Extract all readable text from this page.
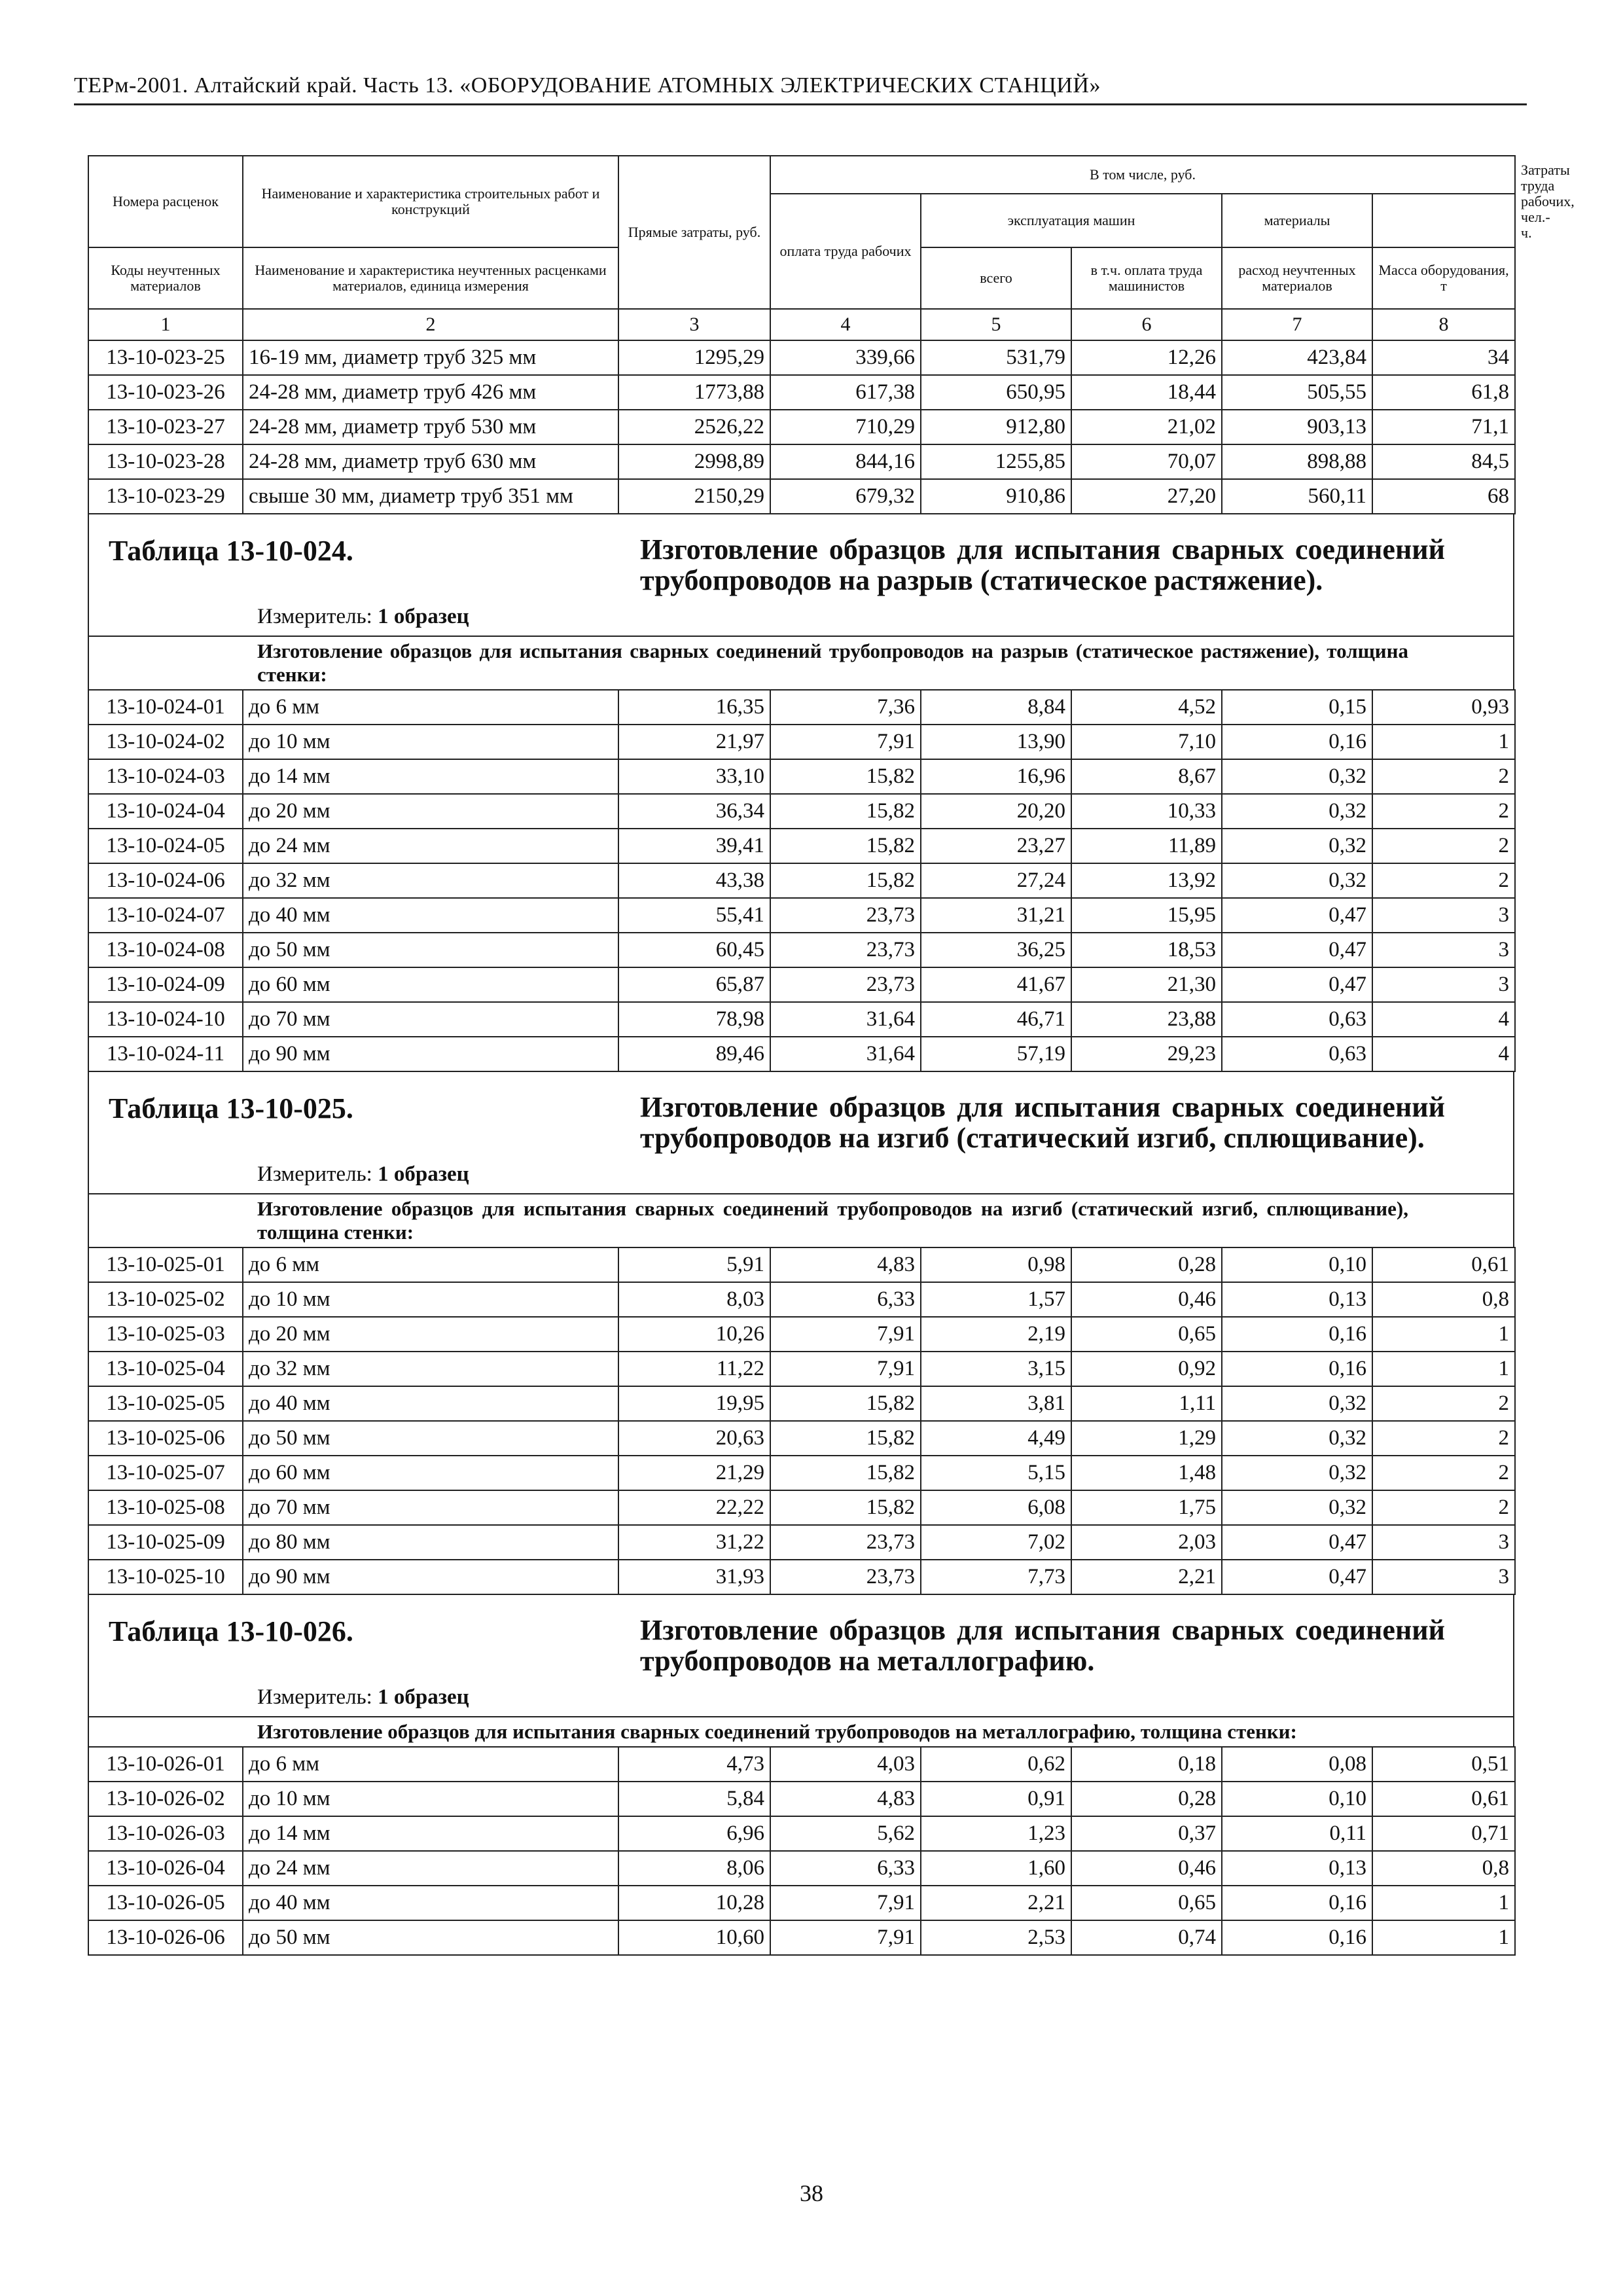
ТЕРм-2001. Алтайский край. Часть 13. «ОБОРУДОВАНИЕ АТОМНЫХ ЭЛЕКТРИЧЕСКИХ СТАНЦИЙ»
Номера расценок	Наименование и характеристика строительных работ и конструкций	Прямые затраты, руб.	В том числе, руб.					Затраты труда рабочих, чел.-ч.
			оплата труда рабочих	эксплуатация машин		материалы		
Коды неучтенных материалов	Наименование и характеристика неучтенных расценками материалов, единица измерения			всего	в т.ч. оплата труда машинистов	расход неучтенных материалов	Масса оборудования, т	
1	2	3	4	5	6	7	8	
13-10-023-25	16-19 мм, диаметр труб 325 мм	1295,29	339,66	531,79	12,26	423,84	34	
13-10-023-26	24-28 мм, диаметр труб 426 мм	1773,88	617,38	650,95	18,44	505,55	61,8	
13-10-023-27	24-28 мм, диаметр труб 530 мм	2526,22	710,29	912,80	21,02	903,13	71,1	
13-10-023-28	24-28 мм, диаметр труб 630 мм	2998,89	844,16	1255,85	70,07	898,88	84,5	
13-10-023-29	свыше 30 мм, диаметр труб 351 мм	2150,29	679,32	910,86	27,20	560,11	68	
Таблица 13-10-024.	Изготовление образцов для испытания сварных соединений трубопроводов на разрыв (статическое растяжение).
Измеритель: 1 образец
Изготовление образцов для испытания сварных соединений трубопроводов на разрыв (статическое растяжение), толщина стенки:
13-10-024-01	до 6 мм	16,35	7,36	8,84	4,52	0,15	0,93
13-10-024-02	до 10 мм	21,97	7,91	13,90	7,10	0,16	1
13-10-024-03	до 14 мм	33,10	15,82	16,96	8,67	0,32	2
13-10-024-04	до 20 мм	36,34	15,82	20,20	10,33	0,32	2
13-10-024-05	до 24 мм	39,41	15,82	23,27	11,89	0,32	2
13-10-024-06	до 32 мм	43,38	15,82	27,24	13,92	0,32	2
13-10-024-07	до 40 мм	55,41	23,73	31,21	15,95	0,47	3
13-10-024-08	до 50 мм	60,45	23,73	36,25	18,53	0,47	3
13-10-024-09	до 60 мм	65,87	23,73	41,67	21,30	0,47	3
13-10-024-10	до 70 мм	78,98	31,64	46,71	23,88	0,63	4
13-10-024-11	до 90 мм	89,46	31,64	57,19	29,23	0,63	4
Таблица 13-10-025.	Изготовление образцов для испытания сварных соединений трубопроводов на изгиб (статический изгиб, сплющивание).
Измеритель: 1 образец
Изготовление образцов для испытания сварных соединений трубопроводов на изгиб (статический изгиб, сплющивание), толщина стенки:
13-10-025-01	до 6 мм	5,91	4,83	0,98	0,28	0,10	0,61
13-10-025-02	до 10 мм	8,03	6,33	1,57	0,46	0,13	0,8
13-10-025-03	до 20 мм	10,26	7,91	2,19	0,65	0,16	1
13-10-025-04	до 32 мм	11,22	7,91	3,15	0,92	0,16	1
13-10-025-05	до 40 мм	19,95	15,82	3,81	1,11	0,32	2
13-10-025-06	до 50 мм	20,63	15,82	4,49	1,29	0,32	2
13-10-025-07	до 60 мм	21,29	15,82	5,15	1,48	0,32	2
13-10-025-08	до 70 мм	22,22	15,82	6,08	1,75	0,32	2
13-10-025-09	до 80 мм	31,22	23,73	7,02	2,03	0,47	3
13-10-025-10	до 90 мм	31,93	23,73	7,73	2,21	0,47	3
Таблица 13-10-026.	Изготовление образцов для испытания сварных соединений трубопроводов на металлографию.
Измеритель: 1 образец
Изготовление образцов для испытания сварных соединений трубопроводов на металлографию, толщина стенки:
13-10-026-01	до 6 мм	4,73	4,03	0,62	0,18	0,08	0,51
13-10-026-02	до 10 мм	5,84	4,83	0,91	0,28	0,10	0,61
13-10-026-03	до 14 мм	6,96	5,62	1,23	0,37	0,11	0,71
13-10-026-04	до 24 мм	8,06	6,33	1,60	0,46	0,13	0,8
13-10-026-05	до 40 мм	10,28	7,91	2,21	0,65	0,16	1
13-10-026-06	до 50 мм	10,60	7,91	2,53	0,74	0,16	1
38
